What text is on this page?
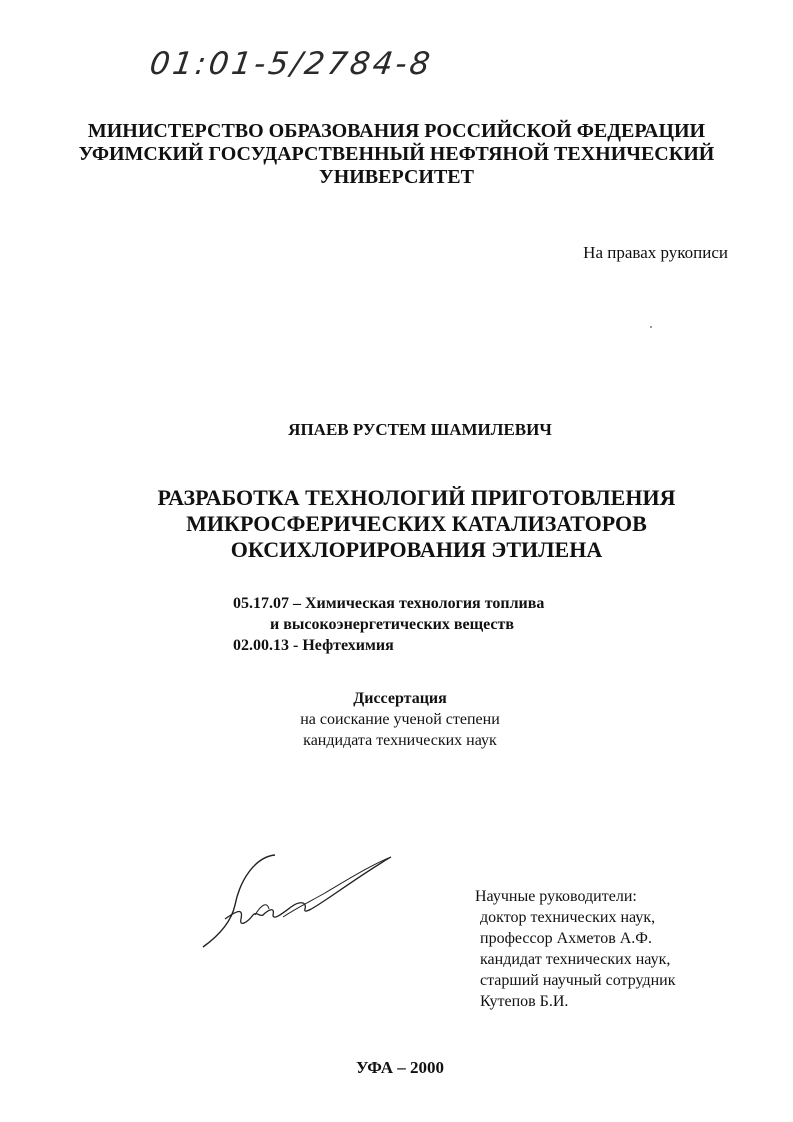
01:01-5/2784-8
МИНИСТЕРСТВО ОБРАЗОВАНИЯ РОССИЙСКОЙ ФЕДЕРАЦИИ
УФИМСКИЙ ГОСУДАРСТВЕННЫЙ НЕФТЯНОЙ ТЕХНИЧЕСКИЙ
УНИВЕРСИТЕТ
На правах рукописи
ЯПАЕВ РУСТЕМ ШАМИЛЕВИЧ
РАЗРАБОТКА ТЕХНОЛОГИЙ ПРИГОТОВЛЕНИЯ
МИКРОСФЕРИЧЕСКИХ КАТАЛИЗАТОРОВ
ОКСИХЛОРИРОВАНИЯ ЭТИЛЕНА
05.17.07 – Химическая технология топлива
и высокоэнергетических веществ
02.00.13 - Нефтехимия
Диссертация
на соискание ученой степени
кандидата технических наук
Научные руководители:
доктор технических наук,
профессор Ахметов А.Ф.
кандидат технических наук,
старший научный сотрудник
Кутепов Б.И.
УФА – 2000
